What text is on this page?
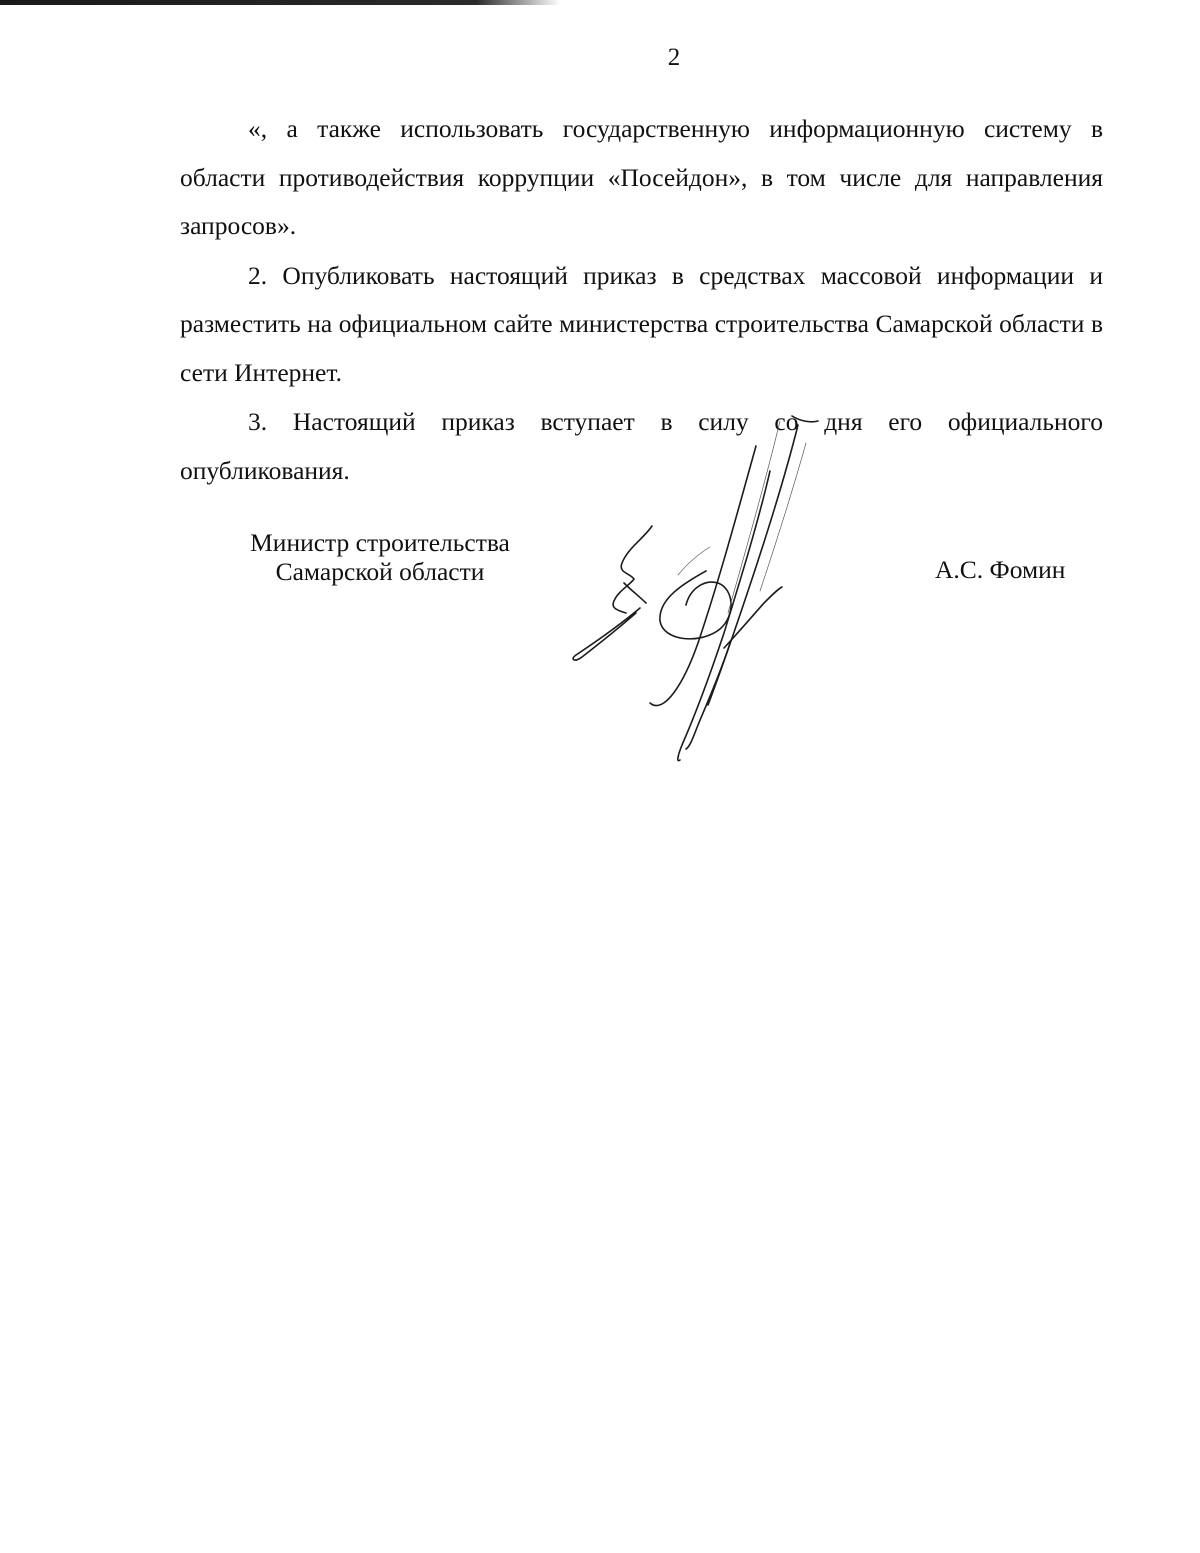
2

«, а также использовать государственную информационную систему в области противодействия коррупции «Посейдон», в том числе для направления запросов».

2. Опубликовать настоящий приказ в средствах массовой информации и разместить на официальном сайте министерства строительства Самарской области в сети Интернет.

3. Настоящий приказ вступает в силу со дня его официального опубликования.

Министр строительства
Самарской области	А.С. Фомин
